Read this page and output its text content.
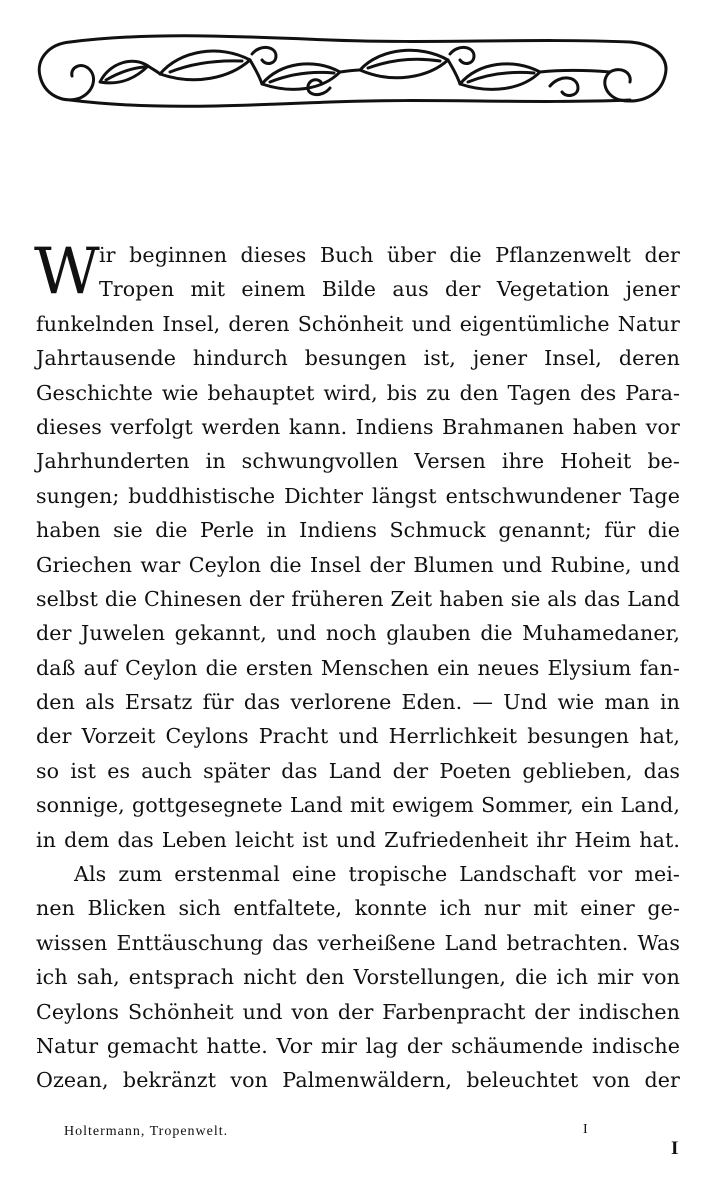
W ir beginnen dieses Buch über die Pflanzenwelt der
Tropen mit einem Bilde aus der Vegetation jener
funkelnden Insel, deren Schönheit und eigentümliche Natur
Jahrtausende hindurch besungen ist, jener Insel, deren
Geschichte wie behauptet wird, bis zu den Tagen des Para-
dieses verfolgt werden kann. Indiens Brahmanen haben vor
Jahrhunderten in schwungvollen Versen ihre Hoheit be-
sungen; buddhistische Dichter längst entschwundener Tage
haben sie die Perle in Indiens Schmuck genannt; für die
Griechen war Ceylon die Insel der Blumen und Rubine, und
selbst die Chinesen der früheren Zeit haben sie als das Land
der Juwelen gekannt, und noch glauben die Muhamedaner,
daß auf Ceylon die ersten Menschen ein neues Elysium fan-
den als Ersatz für das verlorene Eden. — Und wie man in
der Vorzeit Ceylons Pracht und Herrlichkeit besungen hat,
so ist es auch später das Land der Poeten geblieben, das
sonnige, gottgesegnete Land mit ewigem Sommer, ein Land,
in dem das Leben leicht ist und Zufriedenheit ihr Heim hat.
Als zum erstenmal eine tropische Landschaft vor mei-
nen Blicken sich entfaltete, konnte ich nur mit einer ge-
wissen Enttäuschung das verheißene Land betrachten. Was
ich sah, entsprach nicht den Vorstellungen, die ich mir von
Ceylons Schönheit und von der Farbenpracht der indischen
Natur gemacht hatte. Vor mir lag der schäumende indische
Ozean, bekränzt von Palmenwäldern, beleuchtet von der
Holtermann, Tropenwelt.	I
I
